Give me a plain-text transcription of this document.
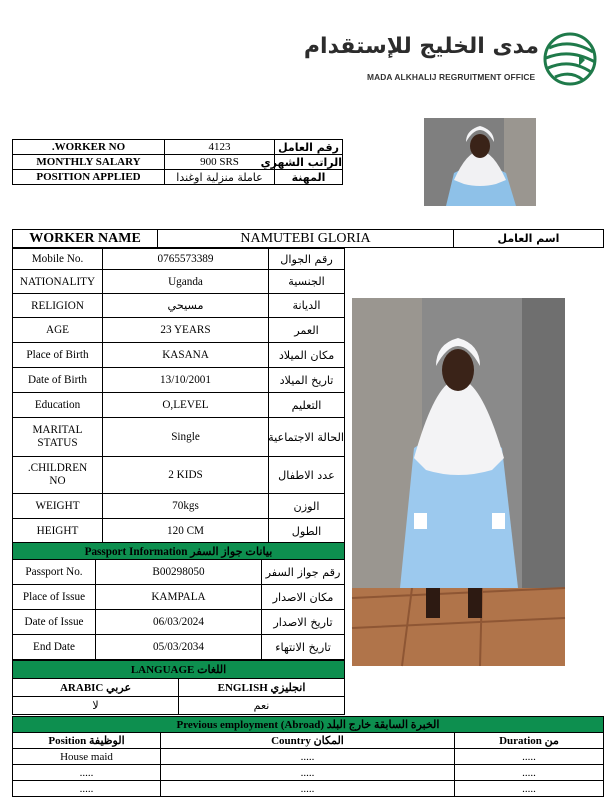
مدى الخليج للإستقدام
MADA ALKHALIJ REGRUITMENT OFFICE
.WORKER NO	4123	رقم العامل
MONTHLY SALARY	900 SRS	الراتب الشهري
POSITION APPLIED	عاملة منزلية اوغندا	المهنة
WORKER NAME	NAMUTEBI GLORIA	اسم العامل
Mobile No.	0765573389	رقم الجوال
NATIONALITY	Uganda	الجنسية
RELIGION	مسيحي	الديانة
AGE	23 YEARS	العمر
Place of Birth	KASANA	مكان الميلاد
Date of Birth	13/10/2001	تاريخ الميلاد
Education	O,LEVEL	التعليم
MARITAL STATUS	Single	الحالة الاجتماعية
.CHILDREN NO	2 KIDS	عدد الاطفال
WEIGHT	70kgs	الوزن
HEIGHT	120 CM	الطول
Passport Information بيانات جواز السفر		
Passport No.	B00298050	رقم جواز السفر
Place of Issue	KAMPALA	مكان الاصدار
Date of Issue	06/03/2024	تاريخ الاصدار
End Date	05/03/2034	تاريخ الانتهاء
LANGUAGE اللغات	
ARABIC عربي	ENGLISH انجليزي
لا	نعم
Previous employment (Abroad) الخبرة السابقة خارج البلد		
Position الوظيفة	Country المكان	Duration من
House maid	.....	.....
.....	.....	.....
.....	.....	.....
